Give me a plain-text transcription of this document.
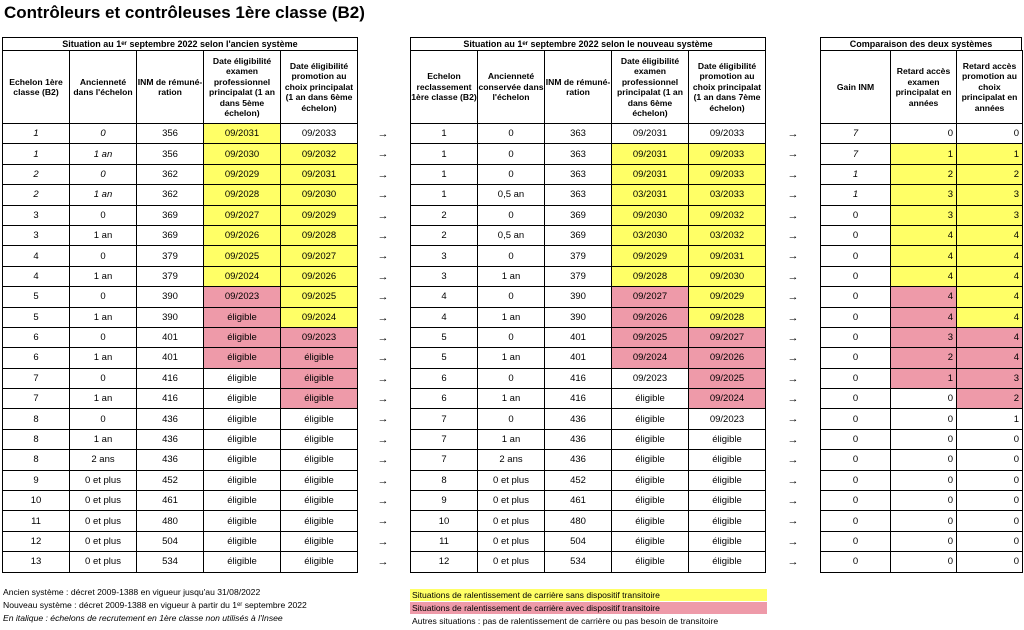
Contrôleurs et contrôleuses 1ère classe (B2)
Situation au 1ᵉʳ septembre 2022 selon l'ancien système
Echelon 1ère classe (B2)	Ancienneté dans l'échelon	INM de rémuné-ration	Date éligibilité examen professionnel principalat (1 an dans 5ème échelon)	Date éligibilité promotion au choix principalat (1 an dans 6ème échelon)
1	0	356	09/2031	09/2033
1	1 an	356	09/2030	09/2032
2	0	362	09/2029	09/2031
2	1 an	362	09/2028	09/2030
3	0	369	09/2027	09/2029
3	1 an	369	09/2026	09/2028
4	0	379	09/2025	09/2027
4	1 an	379	09/2024	09/2026
5	0	390	09/2023	09/2025
5	1 an	390	éligible	09/2024
6	0	401	éligible	09/2023
6	1 an	401	éligible	éligible
7	0	416	éligible	éligible
7	1 an	416	éligible	éligible
8	0	436	éligible	éligible
8	1 an	436	éligible	éligible
8	2 ans	436	éligible	éligible
9	0 et plus	452	éligible	éligible
10	0 et plus	461	éligible	éligible
11	0 et plus	480	éligible	éligible
12	0 et plus	504	éligible	éligible
13	0 et plus	534	éligible	éligible
→
→
→
→
→
→
→
→
→
→
→
→
→
→
→
→
→
→
→
→
→
→
Situation au 1ᵉʳ septembre 2022 selon le nouveau système
Echelon reclassement 1ère classe (B2)	Ancienneté conservée dans l'échelon	INM de rémuné-ration	Date éligibilité examen professionnel principalat (1 an dans 6ème échelon)	Date éligibilité promotion au choix principalat (1 an dans 7ème échelon)
1	0	363	09/2031	09/2033
1	0	363	09/2031	09/2033
1	0	363	09/2031	09/2033
1	0,5 an	363	03/2031	03/2033
2	0	369	09/2030	09/2032
2	0,5 an	369	03/2030	03/2032
3	0	379	09/2029	09/2031
3	1 an	379	09/2028	09/2030
4	0	390	09/2027	09/2029
4	1 an	390	09/2026	09/2028
5	0	401	09/2025	09/2027
5	1 an	401	09/2024	09/2026
6	0	416	09/2023	09/2025
6	1 an	416	éligible	09/2024
7	0	436	éligible	09/2023
7	1 an	436	éligible	éligible
7	2 ans	436	éligible	éligible
8	0 et plus	452	éligible	éligible
9	0 et plus	461	éligible	éligible
10	0 et plus	480	éligible	éligible
11	0 et plus	504	éligible	éligible
12	0 et plus	534	éligible	éligible
→
→
→
→
→
→
→
→
→
→
→
→
→
→
→
→
→
→
→
→
→
→
Comparaison des deux systèmes
Gain INM	Retard accès examen principalat en années	Retard accès promotion au choix principalat en années
7	0	0
7	1	1
1	2	2
1	3	3
0	3	3
0	4	4
0	4	4
0	4	4
0	4	4
0	4	4
0	3	4
0	2	4
0	1	3
0	0	2
0	0	1
0	0	0
0	0	0
0	0	0
0	0	0
0	0	0
0	0	0
0	0	0
Ancien système : décret 2009-1388 en vigueur jusqu'au 31/08/2022
Nouveau système : décret 2009-1388 en vigueur à partir du 1ᵉʳ septembre 2022
En italique : échelons de recrutement en 1ère classe non utilisés à l'Insee
Situations de ralentissement de carrière sans dispositif transitoire
Situations de ralentissement de carrière avec dispositif transitoire
Autres situations : pas de ralentissement de carrière ou pas besoin de transitoire
